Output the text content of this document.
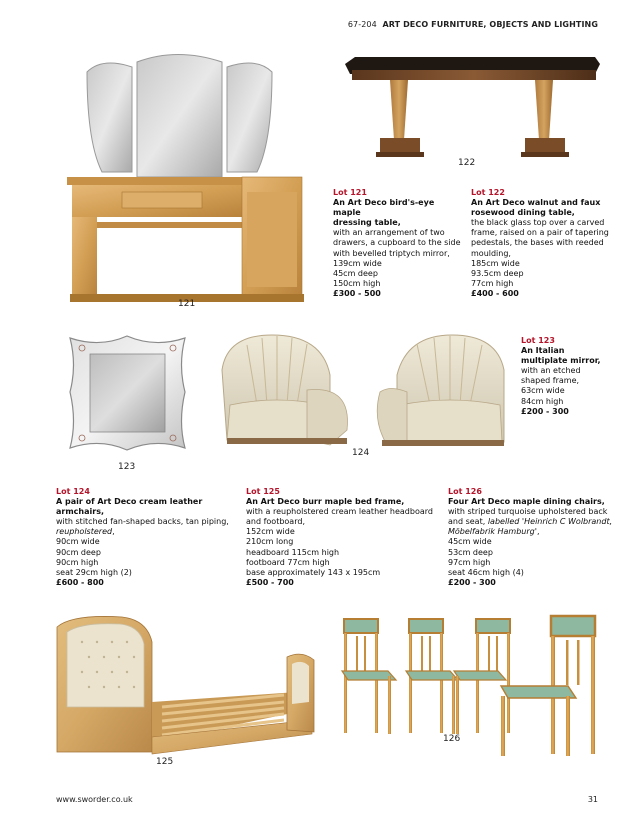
67-204 ART DECO FURNITURE, OBJECTS AND LIGHTING
121
122
Lot 121
An Art Deco bird's-eye maple
dressing table,
with an arrangement of two
drawers, a cupboard to the side
with bevelled triptych mirror,
139cm wide
45cm deep
150cm high
£300 - 500
Lot 122
An Art Deco walnut and faux
rosewood dining table,
the black glass top over a carved
frame, raised on a pair of tapering
pedestals, the bases with reeded
moulding,
185cm wide
93.5cm deep
77cm high
£400 - 600
123
124
Lot 123
An Italian
multiplate mirror,
with an etched
shaped frame,
63cm wide
84cm high
£200 - 300
Lot 124
A pair of Art Deco cream leather
armchairs,
with stitched fan-shaped backs, tan piping,
reupholstered,
90cm wide
90cm deep
90cm high
seat 29cm high (2)
£600 - 800
Lot 125
An Art Deco burr maple bed frame,
with a reupholstered cream leather headboard
and footboard,
152cm wide
210cm long
headboard 115cm high
footboard 77cm high
base approximately 143 x 195cm
£500 - 700
Lot 126
Four Art Deco maple dining chairs,
with striped turquoise upholstered back
and seat, labelled 'Heinrich C Wolbrandt,
Möbelfabrik Hamburg',
45cm wide
53cm deep
97cm high
seat 46cm high (4)
£200 - 300
125
126
www.sworder.co.uk	31
